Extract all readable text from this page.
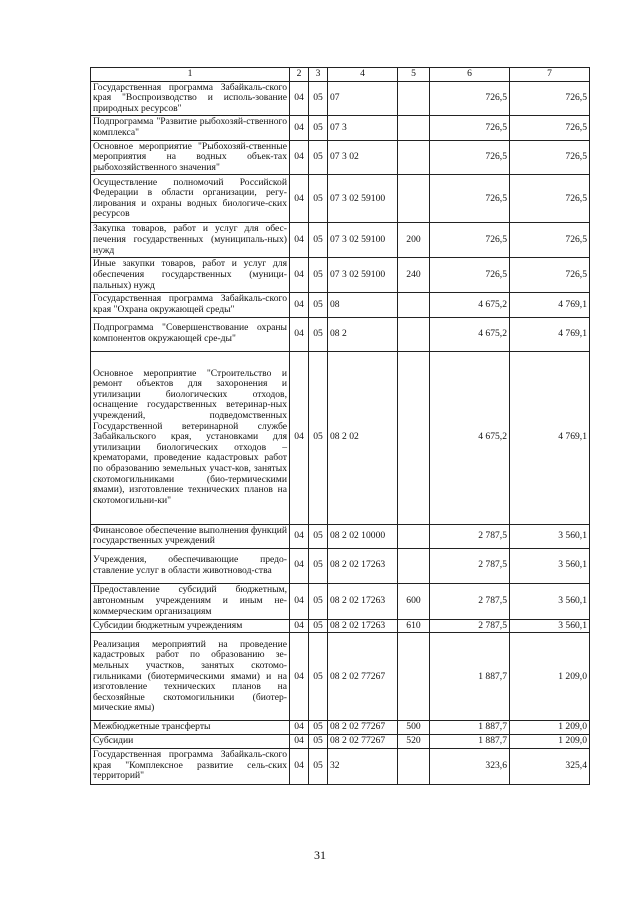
1	2	3	4	5	6	7
Государственная программа Забайкаль-ского края "Воспроизводство и исполь-зование природных ресурсов"	04	05	07		726,5	726,5
Подпрограмма "Развитие рыбохозяй-ственного комплекса"	04	05	07 3		726,5	726,5
Основное мероприятие "Рыбохозяй-ственные мероприятия на водных объек-тах рыбохозяйственного значения"	04	05	07 3 02		726,5	726,5
Осуществление полномочий Российской Федерации в области организации, регу-лирования и охраны водных биологиче-ских ресурсов	04	05	07 3 02 59100		726,5	726,5
Закупка товаров, работ и услуг для обес-печения государственных (муниципаль-ных) нужд	04	05	07 3 02 59100	200	726,5	726,5
Иные закупки товаров, работ и услуг для обеспечения государственных (муници-пальных) нужд	04	05	07 3 02 59100	240	726,5	726,5
Государственная программа Забайкаль-ского края "Охрана окружающей среды"	04	05	08		4 675,2	4 769,1
Подпрограмма "Совершенствование охраны компонентов окружающей сре-ды"	04	05	08 2		4 675,2	4 769,1
Основное мероприятие "Строительство и ремонт объектов для захоронения и утилизации биологических отходов, оснащение государственных ветеринар-ных учреждений, подведомственных Государственной ветеринарной службе Забайкальского края, установками для утилизации биологических отходов – крематорами, проведение кадастровых работ по образованию земельных участ-ков, занятых скотомогильниками (био-термическими ямами), изготовление технических планов на скотомогильни-ки"	04	05	08 2 02		4 675,2	4 769,1
Финансовое обеспечение выполнения функций государственных учреждений	04	05	08 2 02 10000		2 787,5	3 560,1
Учреждения, обеспечивающие предо-ставление услуг в области животновод-ства	04	05	08 2 02 17263		2 787,5	3 560,1
Предоставление субсидий бюджетным, автономным учреждениям и иным не-коммерческим организациям	04	05	08 2 02 17263	600	2 787,5	3 560,1
Субсидии бюджетным учреждениям	04	05	08 2 02 17263	610	2 787,5	3 560,1
Реализация мероприятий на проведение кадастровых работ по образованию зе-мельных участков, занятых скотомо-гильниками (биотермическими ямами) и на изготовление технических планов на бесхозяйные скотомогильники (биотер-мические ямы)	04	05	08 2 02 77267		1 887,7	1 209,0
Межбюджетные трансферты	04	05	08 2 02 77267	500	1 887,7	1 209,0
Субсидии	04	05	08 2 02 77267	520	1 887,7	1 209,0
Государственная программа Забайкаль-ского края "Комплексное развитие сель-ских территорий"	04	05	32		323,6	325,4
31
